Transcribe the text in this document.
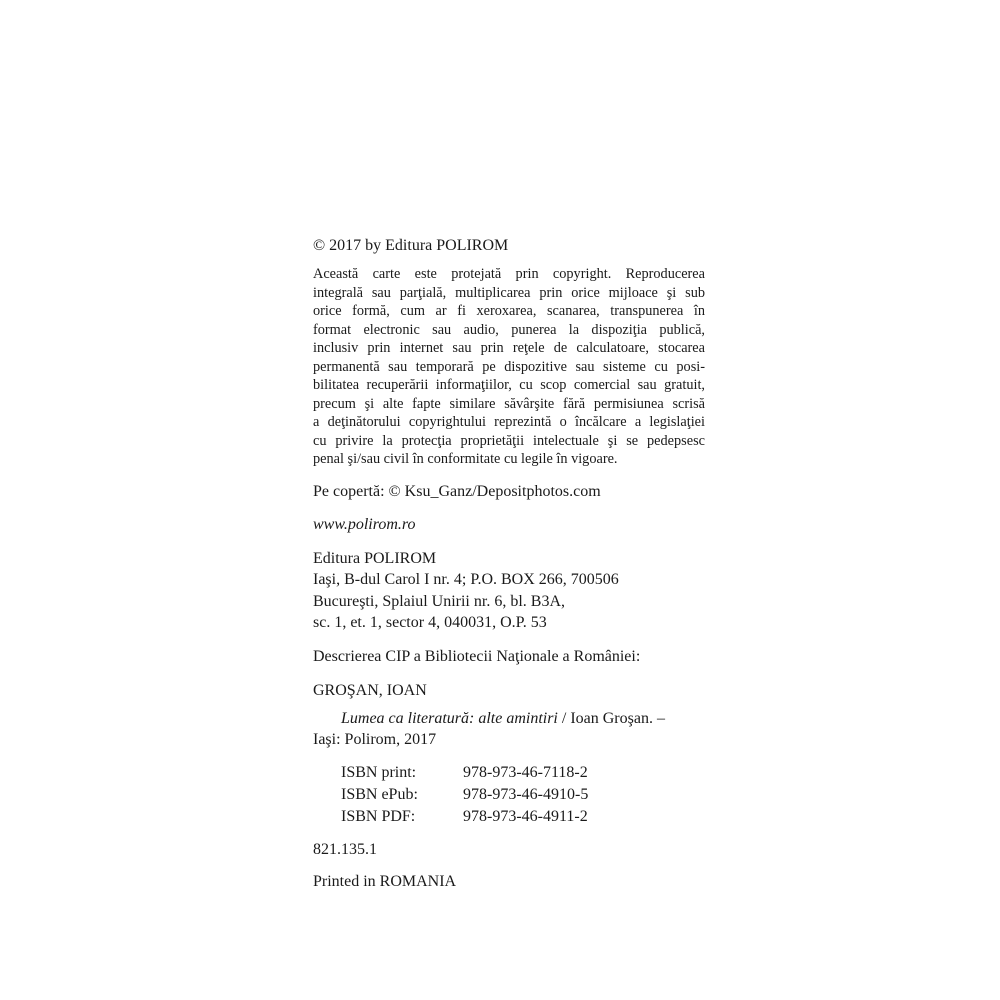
© 2017 by Editura POLIROM
Această carte este protejată prin copyright. Reproducerea
integrală sau parţială, multiplicarea prin orice mijloace şi sub
orice formă, cum ar fi xeroxarea, scanarea, transpunerea în
format electronic sau audio, punerea la dispoziţia publică,
inclusiv prin internet sau prin reţele de calculatoare, stocarea
permanentă sau temporară pe dispozitive sau sisteme cu posi-
bilitatea recuperării informaţiilor, cu scop comercial sau gratuit,
precum şi alte fapte similare săvârşite fără permisiunea scrisă
a deţinătorului copyrightului reprezintă o încălcare a legislaţiei
cu privire la protecţia proprietăţii intelectuale şi se pedepsesc
penal şi/sau civil în conformitate cu legile în vigoare.
Pe copertă: © Ksu_Ganz/Depositphotos.com
www.polirom.ro
Editura POLIROM
Iaşi, B-dul Carol I nr. 4; P.O. BOX 266, 700506
Bucureşti, Splaiul Unirii nr. 6, bl. B3A,
sc. 1, et. 1, sector 4, 040031, O.P. 53
Descrierea CIP a Bibliotecii Naţionale a României:
GROŞAN, IOAN
Lumea ca literatură: alte amintiri / Ioan Groşan. –
Iaşi: Polirom, 2017
ISBN print:	978-973-46-7118-2
ISBN ePub:	978-973-46-4910-5
ISBN PDF:	978-973-46-4911-2
821.135.1
Printed in ROMANIA
